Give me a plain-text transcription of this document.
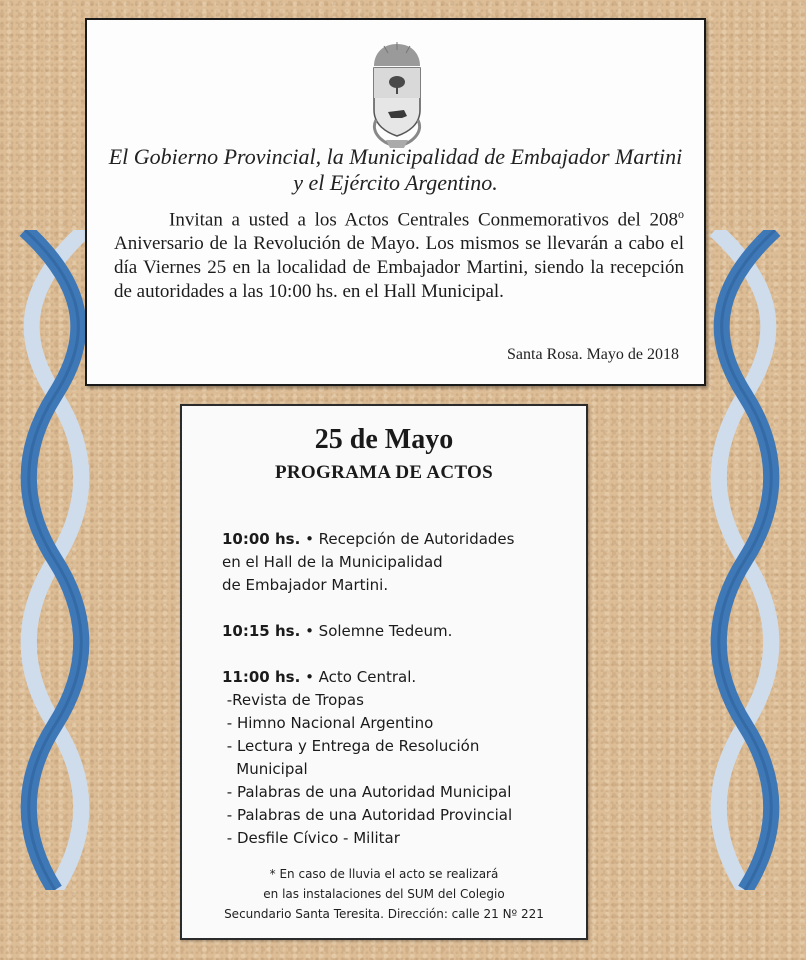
El Gobierno Provincial, la Municipalidad de Embajador Martini
y el Ejército Argentino.

Invitan a usted a los Actos Centrales Conmemorativos del 208$^o$ Aniversario de la Revolución de Mayo. Los mismos se llevarán a cabo el día Viernes 25 en la localidad de Embajador Martini, siendo la recepción de autoridades a las 10:00 hs. en el Hall Municipal.

Santa Rosa. Mayo de 2018
25 de Mayo
PROGRAMA DE ACTOS
10:00 hs. • Recepción de Autoridades
en el Hall de la Municipalidad
de Embajador Martini.
10:15 hs. • Solemne Tedeum.
11:00 hs. • Acto Central.
-Revista de Tropas
- Himno Nacional Argentino
- Lectura y Entrega de Resolución
Municipal
- Palabras de una Autoridad Municipal
- Palabras de una Autoridad Provincial
- Desfile Cívico - Militar
* En caso de lluvia el acto se realizará
en las instalaciones del SUM del Colegio
Secundario Santa Teresita. Dirección: calle 21 Nº 221
